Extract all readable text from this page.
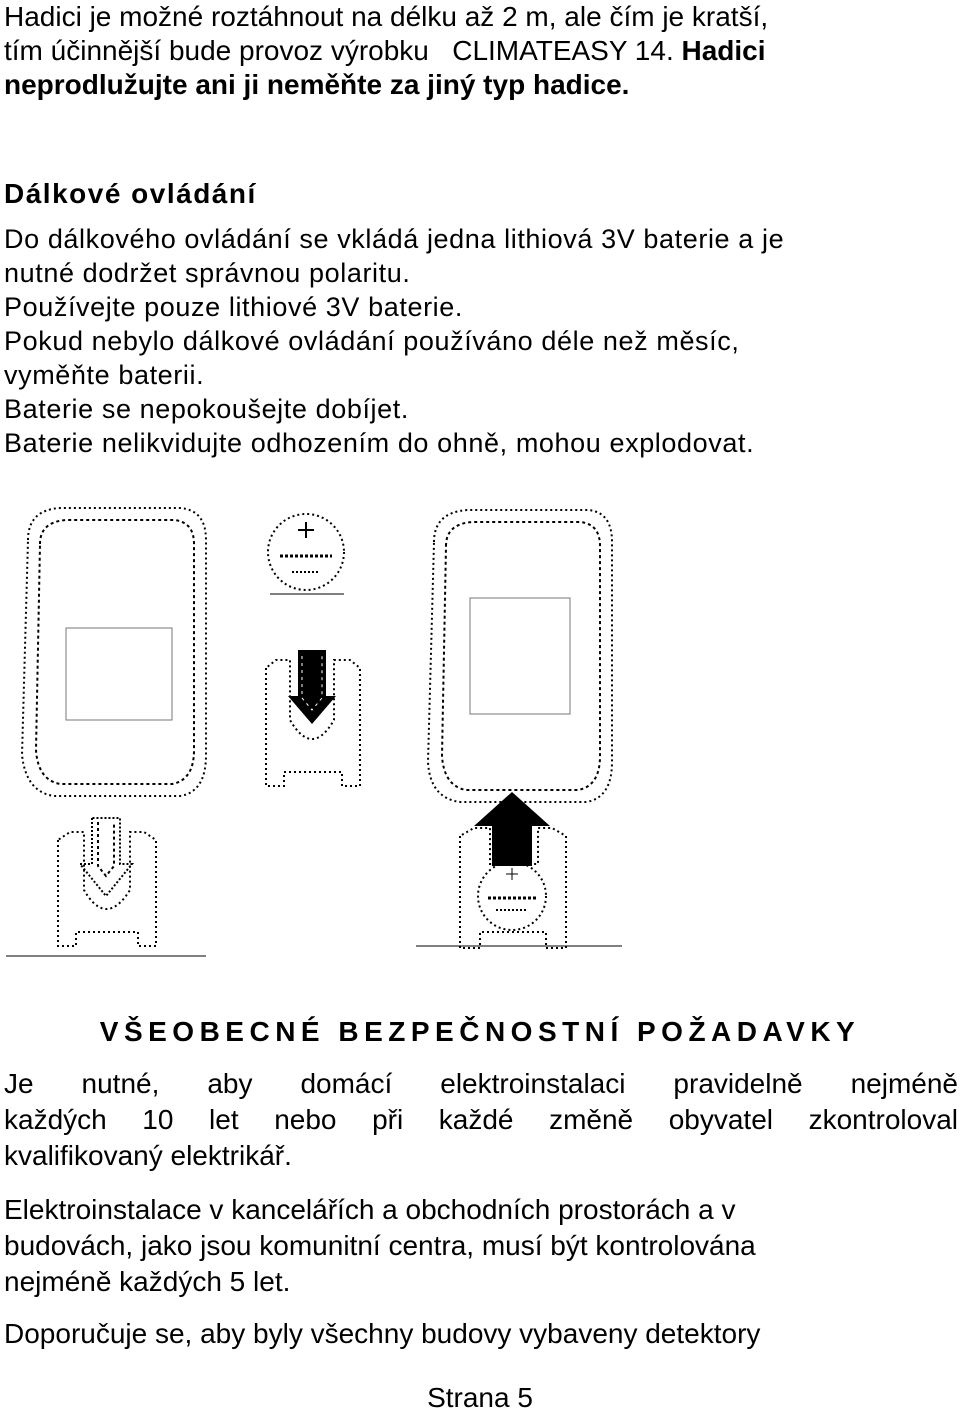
Hadici je možné roztáhnout na délku až 2 m, ale čím je kratší,
tím účinnější bude provoz výrobku   CLIMATEASY 14. Hadici
neprodlužujte ani ji neměňte za jiný typ hadice.
Dálkové ovládání
Do dálkového ovládání se vkládá jedna lithiová 3V baterie a je
nutné dodržet správnou polaritu.
Používejte pouze lithiové 3V baterie.
Pokud nebylo dálkové ovládání používáno déle než měsíc,
vyměňte baterii.
Baterie se nepokoušejte dobíjet.
Baterie nelikvidujte odhozením do ohně, mohou explodovat.
VŠEOBECNÉ BEZPEČNOSTNÍ POŽADAVKY
Je nutné, aby domácí elektroinstalaci pravidelně nejméně
každých 10 let nebo při každé změně obyvatel zkontroloval
kvalifikovaný elektrikář.
Elektroinstalace v kancelářích a obchodních prostorách a v
budovách, jako jsou komunitní centra, musí být kontrolována
nejméně každých 5 let.
Doporučuje se, aby byly všechny budovy vybaveny detektory
Strana 5
